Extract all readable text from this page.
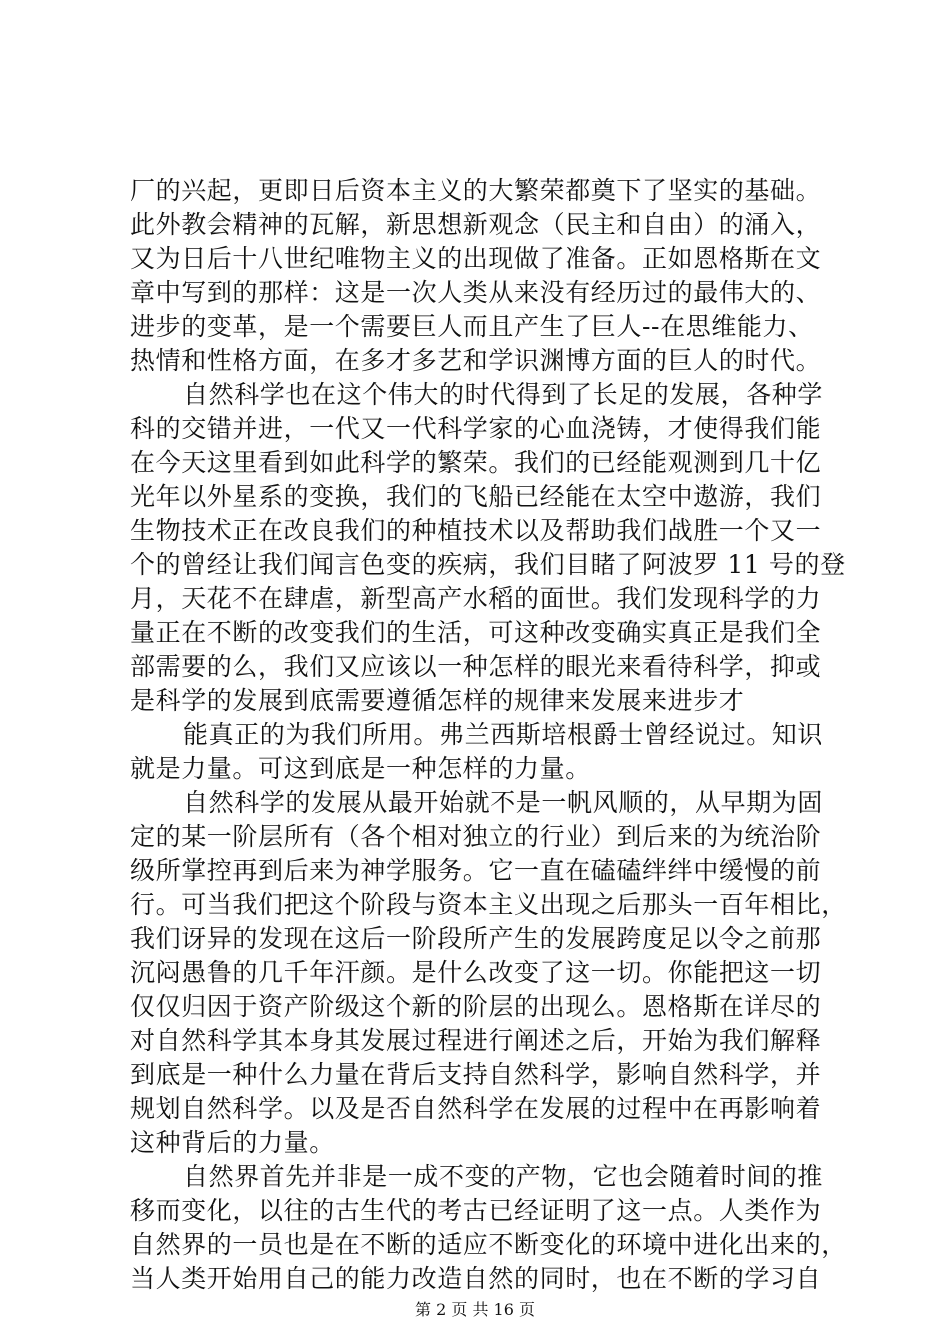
厂的兴起，更即日后资本主义的大繁荣都奠下了坚实的基础。
此外教会精神的瓦解，新思想新观念（民主和自由）的涌入，
又为日后十八世纪唯物主义的出现做了准备。正如恩格斯在文
章中写到的那样：这是一次人类从来没有经历过的最伟大的、
进步的变革，是一个需要巨人而且产生了巨人--在思维能力、
热情和性格方面，在多才多艺和学识渊博方面的巨人的时代。
自然科学也在这个伟大的时代得到了长足的发展，各种学
科的交错并进，一代又一代科学家的心血浇铸，才使得我们能
在今天这里看到如此科学的繁荣。我们的已经能观测到几十亿
光年以外星系的变换，我们的飞船已经能在太空中遨游，我们
生物技术正在改良我们的种植技术以及帮助我们战胜一个又一
个的曾经让我们闻言色变的疾病，我们目睹了阿波罗 11 号的登
月，天花不在肆虐，新型高产水稻的面世。我们发现科学的力
量正在不断的改变我们的生活，可这种改变确实真正是我们全
部需要的么，我们又应该以一种怎样的眼光来看待科学，抑或
是科学的发展到底需要遵循怎样的规律来发展来进步才
能真正的为我们所用。弗兰西斯培根爵士曾经说过。知识
就是力量。可这到底是一种怎样的力量。
自然科学的发展从最开始就不是一帆风顺的，从早期为固
定的某一阶层所有（各个相对独立的行业）到后来的为统治阶
级所掌控再到后来为神学服务。它一直在磕磕绊绊中缓慢的前
行。可当我们把这个阶段与资本主义出现之后那头一百年相比，
我们讶异的发现在这后一阶段所产生的发展跨度足以令之前那
沉闷愚鲁的几千年汗颜。是什么改变了这一切。你能把这一切
仅仅归因于资产阶级这个新的阶层的出现么。恩格斯在详尽的
对自然科学其本身其发展过程进行阐述之后，开始为我们解释
到底是一种什么力量在背后支持自然科学，影响自然科学，并
规划自然科学。以及是否自然科学在发展的过程中在再影响着
这种背后的力量。
自然界首先并非是一成不变的产物，它也会随着时间的推
移而变化，以往的古生代的考古已经证明了这一点。人类作为
自然界的一员也是在不断的适应不断变化的环境中进化出来的，
当人类开始用自己的能力改造自然的同时，也在不断的学习自
第 2 页 共 16 页
